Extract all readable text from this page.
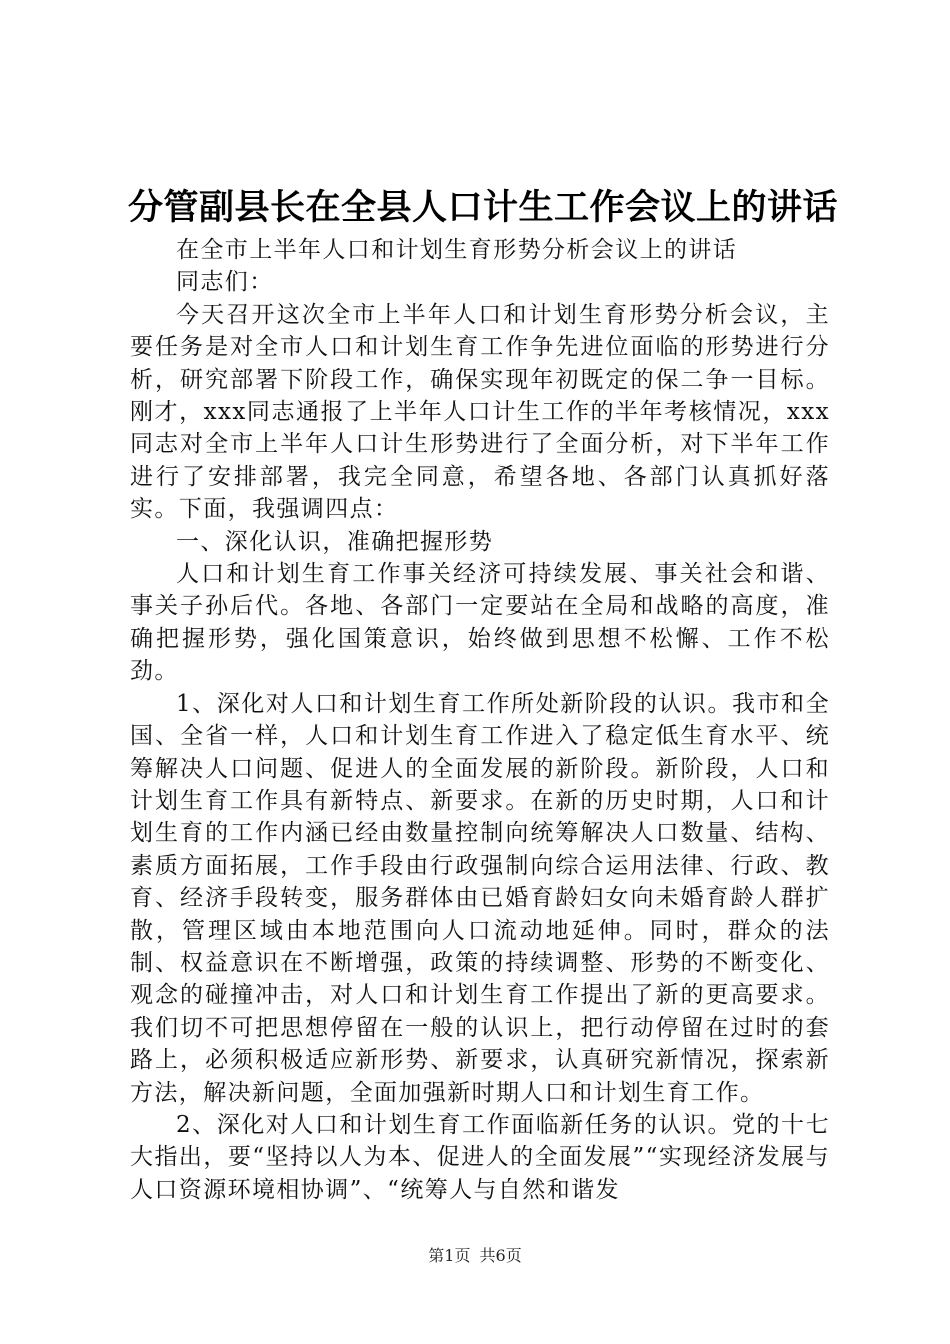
分管副县长在全县人口计生工作会议上的讲话

在全市上半年人口和计划生育形势分析会议上的讲话

同志们：

今天召开这次全市上半年人口和计划生育形势分析会议，主要任务是对全市人口和计划生育工作争先进位面临的形势进行分析，研究部署下阶段工作，确保实现年初既定的保二争一目标。刚才，xxx同志通报了上半年人口计生工作的半年考核情况，xxx同志对全市上半年人口计生形势进行了全面分析，对下半年工作进行了安排部署，我完全同意，希望各地、各部门认真抓好落实。下面，我强调四点：

一、深化认识，准确把握形势

人口和计划生育工作事关经济可持续发展、事关社会和谐、事关子孙后代。各地、各部门一定要站在全局和战略的高度，准确把握形势，强化国策意识，始终做到思想不松懈、工作不松劲。

1、深化对人口和计划生育工作所处新阶段的认识。我市和全国、全省一样，人口和计划生育工作进入了稳定低生育水平、统筹解决人口问题、促进人的全面发展的新阶段。新阶段，人口和计划生育工作具有新特点、新要求。在新的历史时期，人口和计划生育的工作内涵已经由数量控制向统筹解决人口数量、结构、素质方面拓展，工作手段由行政强制向综合运用法律、行政、教育、经济手段转变，服务群体由已婚育龄妇女向未婚育龄人群扩散，管理区域由本地范围向人口流动地延伸。同时，群众的法制、权益意识在不断增强，政策的持续调整、形势的不断变化、观念的碰撞冲击，对人口和计划生育工作提出了新的更高要求。我们切不可把思想停留在一般的认识上，把行动停留在过时的套路上，必须积极适应新形势、新要求，认真研究新情况，探索新方法，解决新问题，全面加强新时期人口和计划生育工作。

2、深化对人口和计划生育工作面临新任务的认识。党的十七大指出，要“坚持以人为本、促进人的全面发展”“实现经济发展与人口资源环境相协调”、“统筹人与自然和谐发

第1页 共6页
